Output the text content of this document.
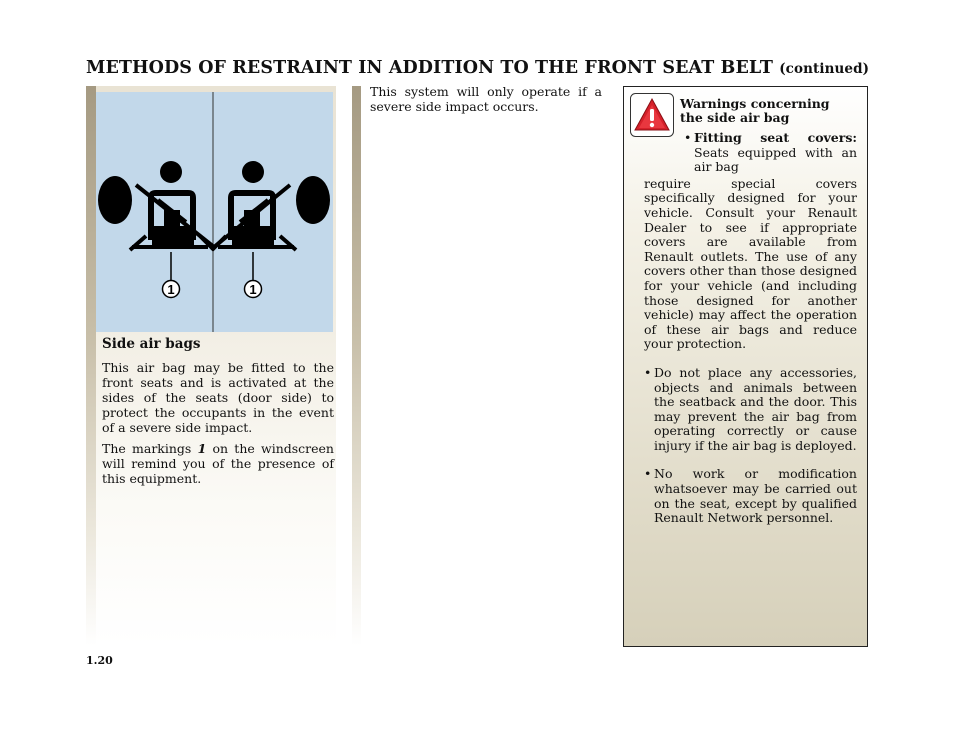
METHODS OF RESTRAINT IN ADDITION TO THE FRONT SEAT BELT (continued)
1	1
Side air bags

This air bag may be fitted to the front seats and is activated at the sides of the seats (door side) to protect the occupants in the event of a severe side impact.

The markings 1 on the windscreen will remind you of the presence of this equipment.

This system will only operate if a severe side impact occurs.	Warnings concerning the side air bag

• Fitting seat covers: Seats equipped with an air bag

require special covers specifically designed for your vehicle. Consult your Renault Dealer to see if appropriate covers are available from Renault outlets. The use of any covers other than those designed for your vehicle (and including those designed for another vehicle) may affect the operation of these air bags and reduce your protection.

• Do not place any accessories, objects and animals between the seatback and the door. This may prevent the air bag from operating correctly or cause injury if the air bag is deployed.

• No work or modification whatsoever may be carried out on the seat, except by qualified Renault Network personnel.

1.20
